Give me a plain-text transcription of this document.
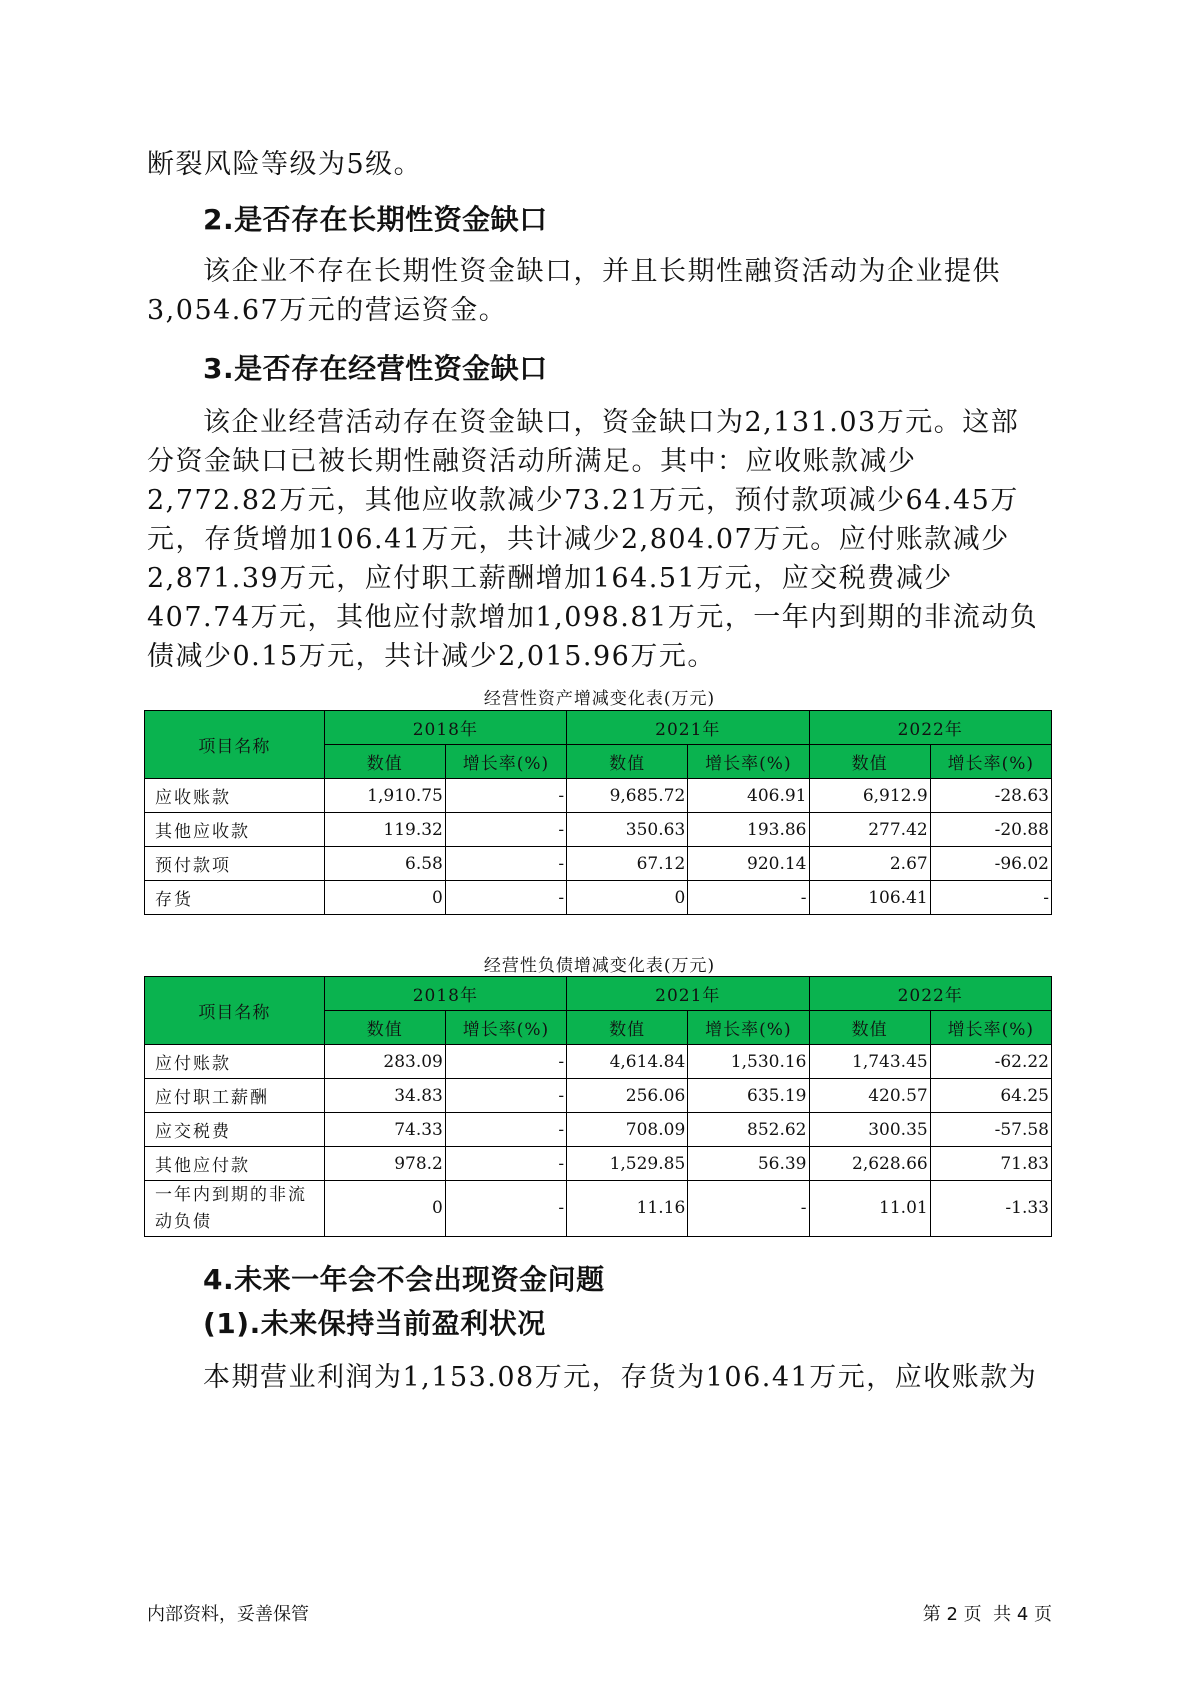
断裂风险等级为5级。

2.是否存在长期性资金缺口

该企业不存在长期性资金缺口，并且长期性融资活动为企业提供3,054.67万元的营运资金。

3.是否存在经营性资金缺口

该企业经营活动存在资金缺口，资金缺口为2,131.03万元。这部分资金缺口已被长期性融资活动所满足。其中：应收账款减少2,772.82万元，其他应收款减少73.21万元，预付款项减少64.45万元，存货增加106.41万元，共计减少2,804.07万元。应付账款减少2,871.39万元，应付职工薪酬增加164.51万元，应交税费减少407.74万元，其他应付款增加1,098.81万元，一年内到期的非流动负债减少0.15万元，共计减少2,015.96万元。

经营性资产增减变化表(万元)
项目名称	2018年		2021年		2022年	
	数值	增长率(%)	数值	增长率(%)	数值	增长率(%)
应收账款	1,910.75	-	9,685.72	406.91	6,912.9	-28.63
其他应收款	119.32	-	350.63	193.86	277.42	-20.88
预付款项	6.58	-	67.12	920.14	2.67	-96.02
存货	0	-	0	-	106.41	-
经营性负债增减变化表(万元)
项目名称	2018年		2021年		2022年	
	数值	增长率(%)	数值	增长率(%)	数值	增长率(%)
应付账款	283.09	-	4,614.84	1,530.16	1,743.45	-62.22
应付职工薪酬	34.83	-	256.06	635.19	420.57	64.25
应交税费	74.33	-	708.09	852.62	300.35	-57.58
其他应付款	978.2	-	1,529.85	56.39	2,628.66	71.83
一年内到期的非流动负债	0	-	11.16	-	11.01	-1.33
4.未来一年会不会出现资金问题
(1).未来保持当前盈利状况

本期营业利润为1,153.08万元，存货为106.41万元，应收账款为

内部资料，妥善保管	第 2 页  共 4 页
